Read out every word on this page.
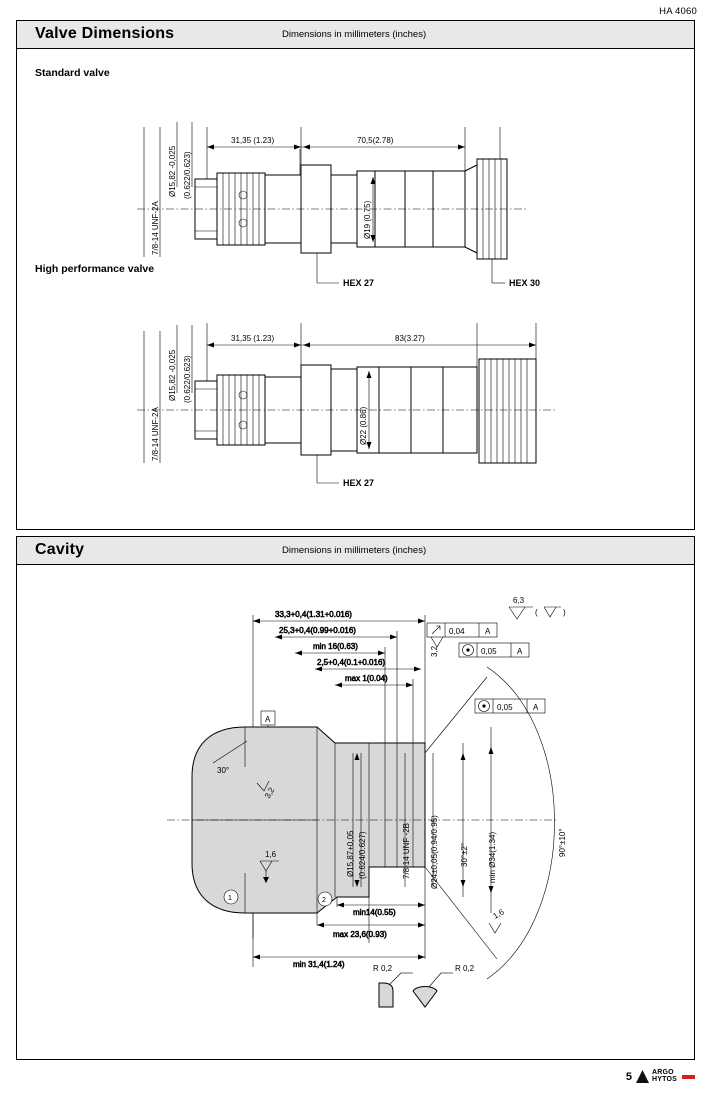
HA 4060
Valve Dimensions	Dimensions in millimeters (inches)
Standard valve
High performance valve
31,35 (1.23)	70,5(2.78)
7/8-14 UNF-2A
Ø15,82 -0,025 (0.622/0.623)
Ø19 (0.75)
HEX 27	HEX 30
31,35 (1.23)	83(3.27)
7/8-14 UNF-2A
Ø15,82 -0,025 (0.622/0.623)
Ø22 (0.86)
HEX 27
Cavity	Dimensions in millimeters (inches)
6,3
(	)
0,04	A
0,05	A
0,05	A
33,3+0,4(1.31+0.016)
25,3+0,4(0.99+0.016)
min 16(0.63)
2,5+0,4(0.1+0.016)
max 1(0.04)
3,2
A
30°
Ø15,87+0,05 (0.624/0.627)	7/8-14 UNF -2B Ø24±0,05(0.94/0.95)	30°±2° min Ø34(1.34)	90°±10°
1,6
3,2
1,6
1	2
min14(0.55)
max 23,6(0.93)
min 31,4(1.24)	R 0,2	R 0,2
5	ARGO
HYTOS
